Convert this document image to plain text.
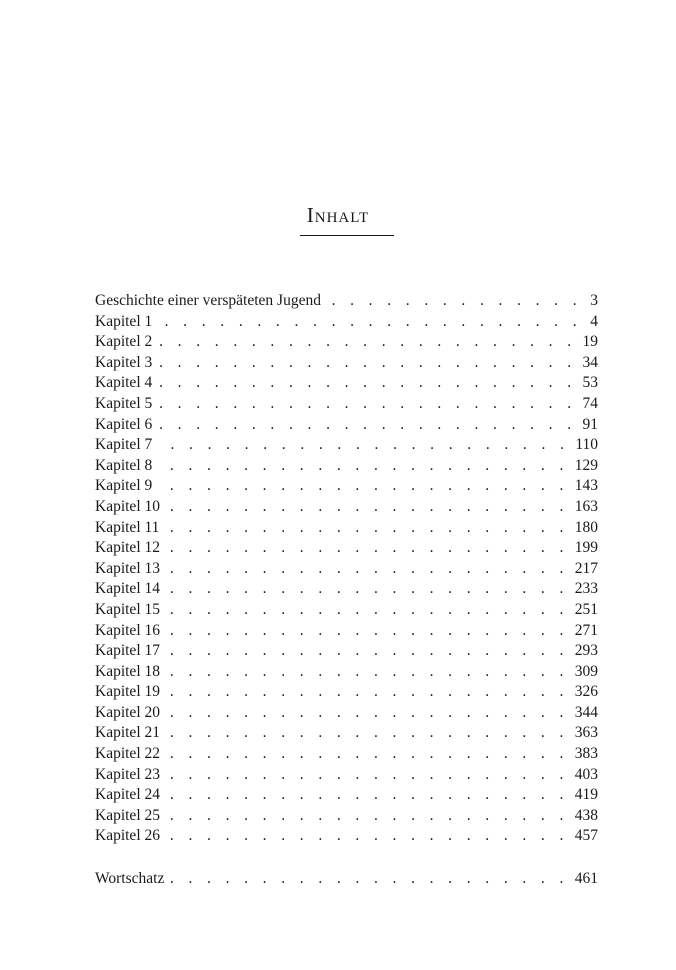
Inhalt
Geschichte einer verspäteten Jugend . . .	3
Kapitel 1 . . .	4
Kapitel 2 . . .	19
Kapitel 3 . . .	34
Kapitel 4 . . .	53
Kapitel 5 . . .	74
Kapitel 6 . . .	91
Kapitel 7 . . .	110
Kapitel 8 . . .	129
Kapitel 9 . . .	143
Kapitel 10 . . .	163
Kapitel 11 . . .	180
Kapitel 12 . . .	199
Kapitel 13 . . .	217
Kapitel 14 . . .	233
Kapitel 15 . . .	251
Kapitel 16 . . .	271
Kapitel 17 . . .	293
Kapitel 18 . . .	309
Kapitel 19 . . .	326
Kapitel 20 . . .	344
Kapitel 21 . . .	363
Kapitel 22 . . .	383
Kapitel 23 . . .	403
Kapitel 24 . . .	419
Kapitel 25 . . .	438
Kapitel 26 . . .	457
Wortschatz . . .	461
